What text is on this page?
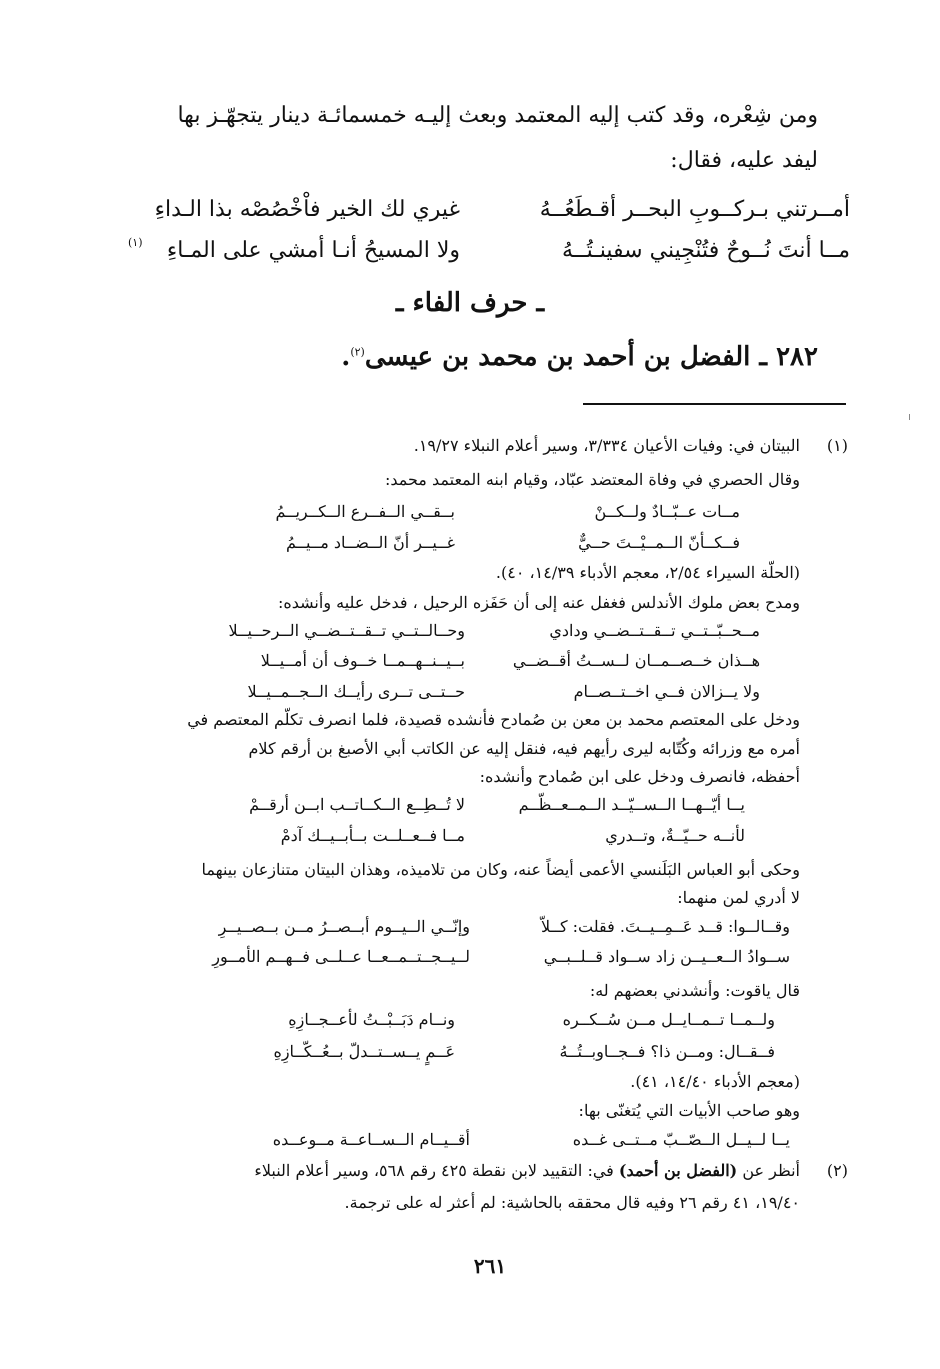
ومن شِعْره، وقد كتب إليه المعتمد وبعث إليـه خمسمائـة دينار يتجهّـز بها
ليفد عليه، فقال:
أمــرتني بـركــوبِ البحــر أقـطَعُــهُ
غيري لك الخير فاْخْصُصْه بذا الـداءِ
مــا أنتَ نُــوحٌ فتُنْجِيني سفينـتُــهُ
ولا المسيحُ أنـا أمشي على المـاءِ
(١)
ـ حرف الفاء ـ
٢٨٢ ـ الفضل بن أحمد بن محمد بن عيسى$^{(٢)}$.
(١)
البيتان في: وفيات الأعيان ٣/٣٣٤، وسير أعلام النبلاء ١٩/٢٧.
وقال الحصري في وفاة المعتضد عبّاد، وقيام ابنه المعتمد محمد:
مــات عــبّــادٌ ولــكــنْ
بــقــي الــفــرع الــكــريــمُ
فــكــأنّ الــمــيْــتَ حــيٌّ
غــيــر أنّ الــضــاد مــيــمُ
(الحلّة السيراء ٢/٥٤، معجم الأدباء ١٤/٣٩، ٤٠).
ومدح بعض ملوك الأندلس فغفل عنه إلى أن حَفَزه الرحيل ، فدخل عليه وأنشده:
مــحــبّــتــي تــقــتــضــي ودادي
وحــالــتــي تــقــتــضــي الــرحــيــلا
هــذان خــصــمــان لــســتُ أقــضــي
بــيــنــهــمــا خــوف أن أمــيــلا
ولا يــزالان فــي اخــتــصــام
حــتــى تــرى رأيــك الــجــمــيــلا
ودخل على المعتصم محمد بن معن بن صُمادح فأنشده قصيدة، فلما انصرف تكلّم المعتصم في
أمره مع وزرائه وكُتّابه ليرى رأيهم فيه، فنقل إليه عن الكاتب أبي الأصبغ بن أرقم كلام
أحفظه، فانصرف ودخل على ابن صُمادح وأنشده:
يــا أيّــهــا الــســيّــد الــمــعــظّــم
لا تُــطِــع الــكــاتــب ابــن أرقــمْ
لأنــه حــيّــةٌ، وتــدري
مــا فــعــلــت بــأبــيــك آدمْ
وحكى أبو العباس البَلَنسي الأعمى أيضاً عنه، وكان من تلاميذه، وهذان البيتان متنازعان بينهما
لا أدري لمن منهما:
وقــالــوا: قــد عَــمِــيــتَ. فقلت: كــلاّ
وإنّــي الــيــوم أبــصــرُ مــن بــصــيــرِ
ســوادُ الــعــيــن زاد ســواد قــلــبــي
لــيــجــتــمــعــا عــلــى فــهــم الأمــورِ
قال ياقوت: وأنشدني بعضهم له:
ولــمــا تــمــايــل مــن سُــكــره
ونــام دَبَــبْــتُ لأعــجــازِهِ
فــقــال: ومــن ذا؟ فــجــاوبــتُــهُ
عَــمٍ يــســتــدلّ بــعُــكّــازِهِ
(معجم الأدباء ١٤/٤٠، ٤١).
وهو صاحب الأبيات التي يُتغنّى بها:
يــا لــيــل الــصّــبّ مــتــى غــده
أقــيــام الــســاعــة مــوعــده
(٢)
أنظر عن (الفضل بن أحمد) في: التقييد لابن نقطة ٤٢٥ رقم ٥٦٨، وسير أعلام النبلاء
١٩/٤٠، ٤١ رقم ٢٦ وفيه قال محققه بالحاشية: لم أعثر له على ترجمة.
٢٦١
